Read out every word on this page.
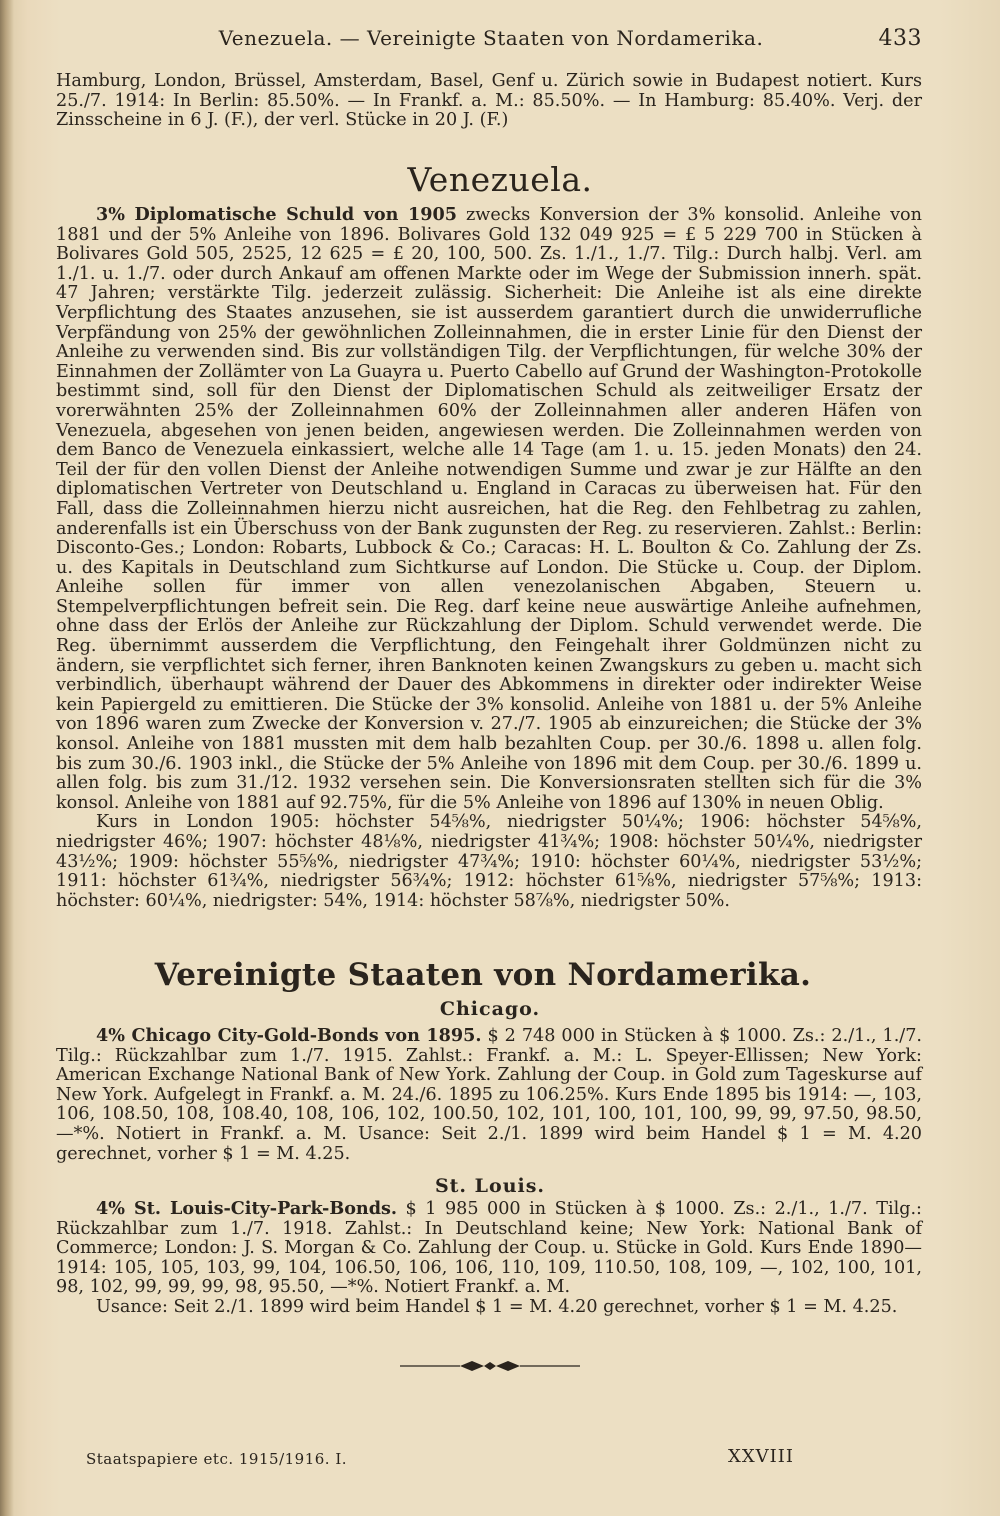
Venezuela. — Vereinigte Staaten von Nordamerika.	433

Hamburg, London, Brüssel, Amsterdam, Basel, Genf u. Zürich sowie in Budapest notiert. Kurs 25./7. 1914: In Berlin: 85.50%. — In Frankf. a. M.: 85.50%. — In Hamburg: 85.40%. Verj. der Zinsscheine in 6 J. (F.), der verl. Stücke in 20 J. (F.)

Venezuela.

3% Diplomatische Schuld von 1905 zwecks Konversion der 3% konsolid. Anleihe von 1881 und der 5% Anleihe von 1896. Bolivares Gold 132 049 925 = £ 5 229 700 in Stücken à Bolivares Gold 505, 2525, 12 625 = £ 20, 100, 500. Zs. 1./1., 1./7. Tilg.: Durch halbj. Verl. am 1./1. u. 1./7. oder durch Ankauf am offenen Markte oder im Wege der Submission innerh. spät. 47 Jahren; verstärkte Tilg. jederzeit zulässig. Sicherheit: Die Anleihe ist als eine direkte Verpflichtung des Staates anzusehen, sie ist ausserdem garantiert durch die unwiderrufliche Verpfändung von 25% der gewöhnlichen Zolleinnahmen, die in erster Linie für den Dienst der Anleihe zu verwenden sind. Bis zur vollständigen Tilg. der Verpflichtungen, für welche 30% der Einnahmen der Zollämter von La Guayra u. Puerto Cabello auf Grund der Washington-Protokolle bestimmt sind, soll für den Dienst der Diplomatischen Schuld als zeitweiliger Ersatz der vorerwähnten 25% der Zolleinnahmen 60% der Zolleinnahmen aller anderen Häfen von Venezuela, abgesehen von jenen beiden, angewiesen werden. Die Zolleinnahmen werden von dem Banco de Venezuela einkassiert, welche alle 14 Tage (am 1. u. 15. jeden Monats) den 24. Teil der für den vollen Dienst der Anleihe notwendigen Summe und zwar je zur Hälfte an den diplomatischen Vertreter von Deutschland u. England in Caracas zu überweisen hat. Für den Fall, dass die Zolleinnahmen hierzu nicht ausreichen, hat die Reg. den Fehlbetrag zu zahlen, anderenfalls ist ein Überschuss von der Bank zugunsten der Reg. zu reservieren. Zahlst.: Berlin: Disconto-Ges.; London: Robarts, Lubbock & Co.; Caracas: H. L. Boulton & Co. Zahlung der Zs. u. des Kapitals in Deutschland zum Sichtkurse auf London. Die Stücke u. Coup. der Diplom. Anleihe sollen für immer von allen venezolanischen Abgaben, Steuern u. Stempelverpflichtungen befreit sein. Die Reg. darf keine neue auswärtige Anleihe aufnehmen, ohne dass der Erlös der Anleihe zur Rückzahlung der Diplom. Schuld verwendet werde. Die Reg. übernimmt ausserdem die Verpflichtung, den Feingehalt ihrer Goldmünzen nicht zu ändern, sie verpflichtet sich ferner, ihren Banknoten keinen Zwangskurs zu geben u. macht sich verbindlich, überhaupt während der Dauer des Abkommens in direkter oder indirekter Weise kein Papiergeld zu emittieren. Die Stücke der 3% konsolid. Anleihe von 1881 u. der 5% Anleihe von 1896 waren zum Zwecke der Konversion v. 27./7. 1905 ab einzureichen; die Stücke der 3% konsol. Anleihe von 1881 mussten mit dem halb bezahlten Coup. per 30./6. 1898 u. allen folg. bis zum 30./6. 1903 inkl., die Stücke der 5% Anleihe von 1896 mit dem Coup. per 30./6. 1899 u. allen folg. bis zum 31./12. 1932 versehen sein. Die Konversionsraten stellten sich für die 3% konsol. Anleihe von 1881 auf 92.75%, für die 5% Anleihe von 1896 auf 130% in neuen Oblig.

Kurs in London 1905: höchster 54⅝%, niedrigster 50¼%; 1906: höchster 54⅝%, niedrigster 46%; 1907: höchster 48⅛%, niedrigster 41¾%; 1908: höchster 50¼%, niedrigster 43½%; 1909: höchster 55⅝%, niedrigster 47¾%; 1910: höchster 60¼%, niedrigster 53½%; 1911: höchster 61¾%, niedrigster 56¾%; 1912: höchster 61⅝%, niedrigster 57⅝%; 1913: höchster: 60¼%, niedrigster: 54%, 1914: höchster 58⅞%, niedrigster 50%.

Vereinigte Staaten von Nordamerika.
Chicago.

4% Chicago City-Gold-Bonds von 1895. $ 2 748 000 in Stücken à $ 1000. Zs.: 2./1., 1./7. Tilg.: Rückzahlbar zum 1./7. 1915. Zahlst.: Frankf. a. M.: L. Speyer-Ellissen; New York: American Exchange National Bank of New York. Zahlung der Coup. in Gold zum Tageskurse auf New York. Aufgelegt in Frankf. a. M. 24./6. 1895 zu 106.25%. Kurs Ende 1895 bis 1914: —, 103, 106, 108.50, 108, 108.40, 108, 106, 102, 100.50, 102, 101, 100, 101, 100, 99, 99, 97.50, 98.50, —*%. Notiert in Frankf. a. M. Usance: Seit 2./1. 1899 wird beim Handel $ 1 = M. 4.20 gerechnet, vorher $ 1 = M. 4.25.

St. Louis.

4% St. Louis-City-Park-Bonds. $ 1 985 000 in Stücken à $ 1000. Zs.: 2./1., 1./7. Tilg.: Rückzahlbar zum 1./7. 1918. Zahlst.: In Deutschland keine; New York: National Bank of Commerce; London: J. S. Morgan & Co. Zahlung der Coup. u. Stücke in Gold. Kurs Ende 1890—1914: 105, 105, 103, 99, 104, 106.50, 106, 106, 110, 109, 110.50, 108, 109, —, 102, 100, 101, 98, 102, 99, 99, 99, 98, 95.50, —*%. Notiert Frankf. a. M.

Usance: Seit 2./1. 1899 wird beim Handel $ 1 = M. 4.20 gerechnet, vorher $ 1 = M. 4.25.

Staatspapiere etc. 1915/1916. I.	XXVIII
